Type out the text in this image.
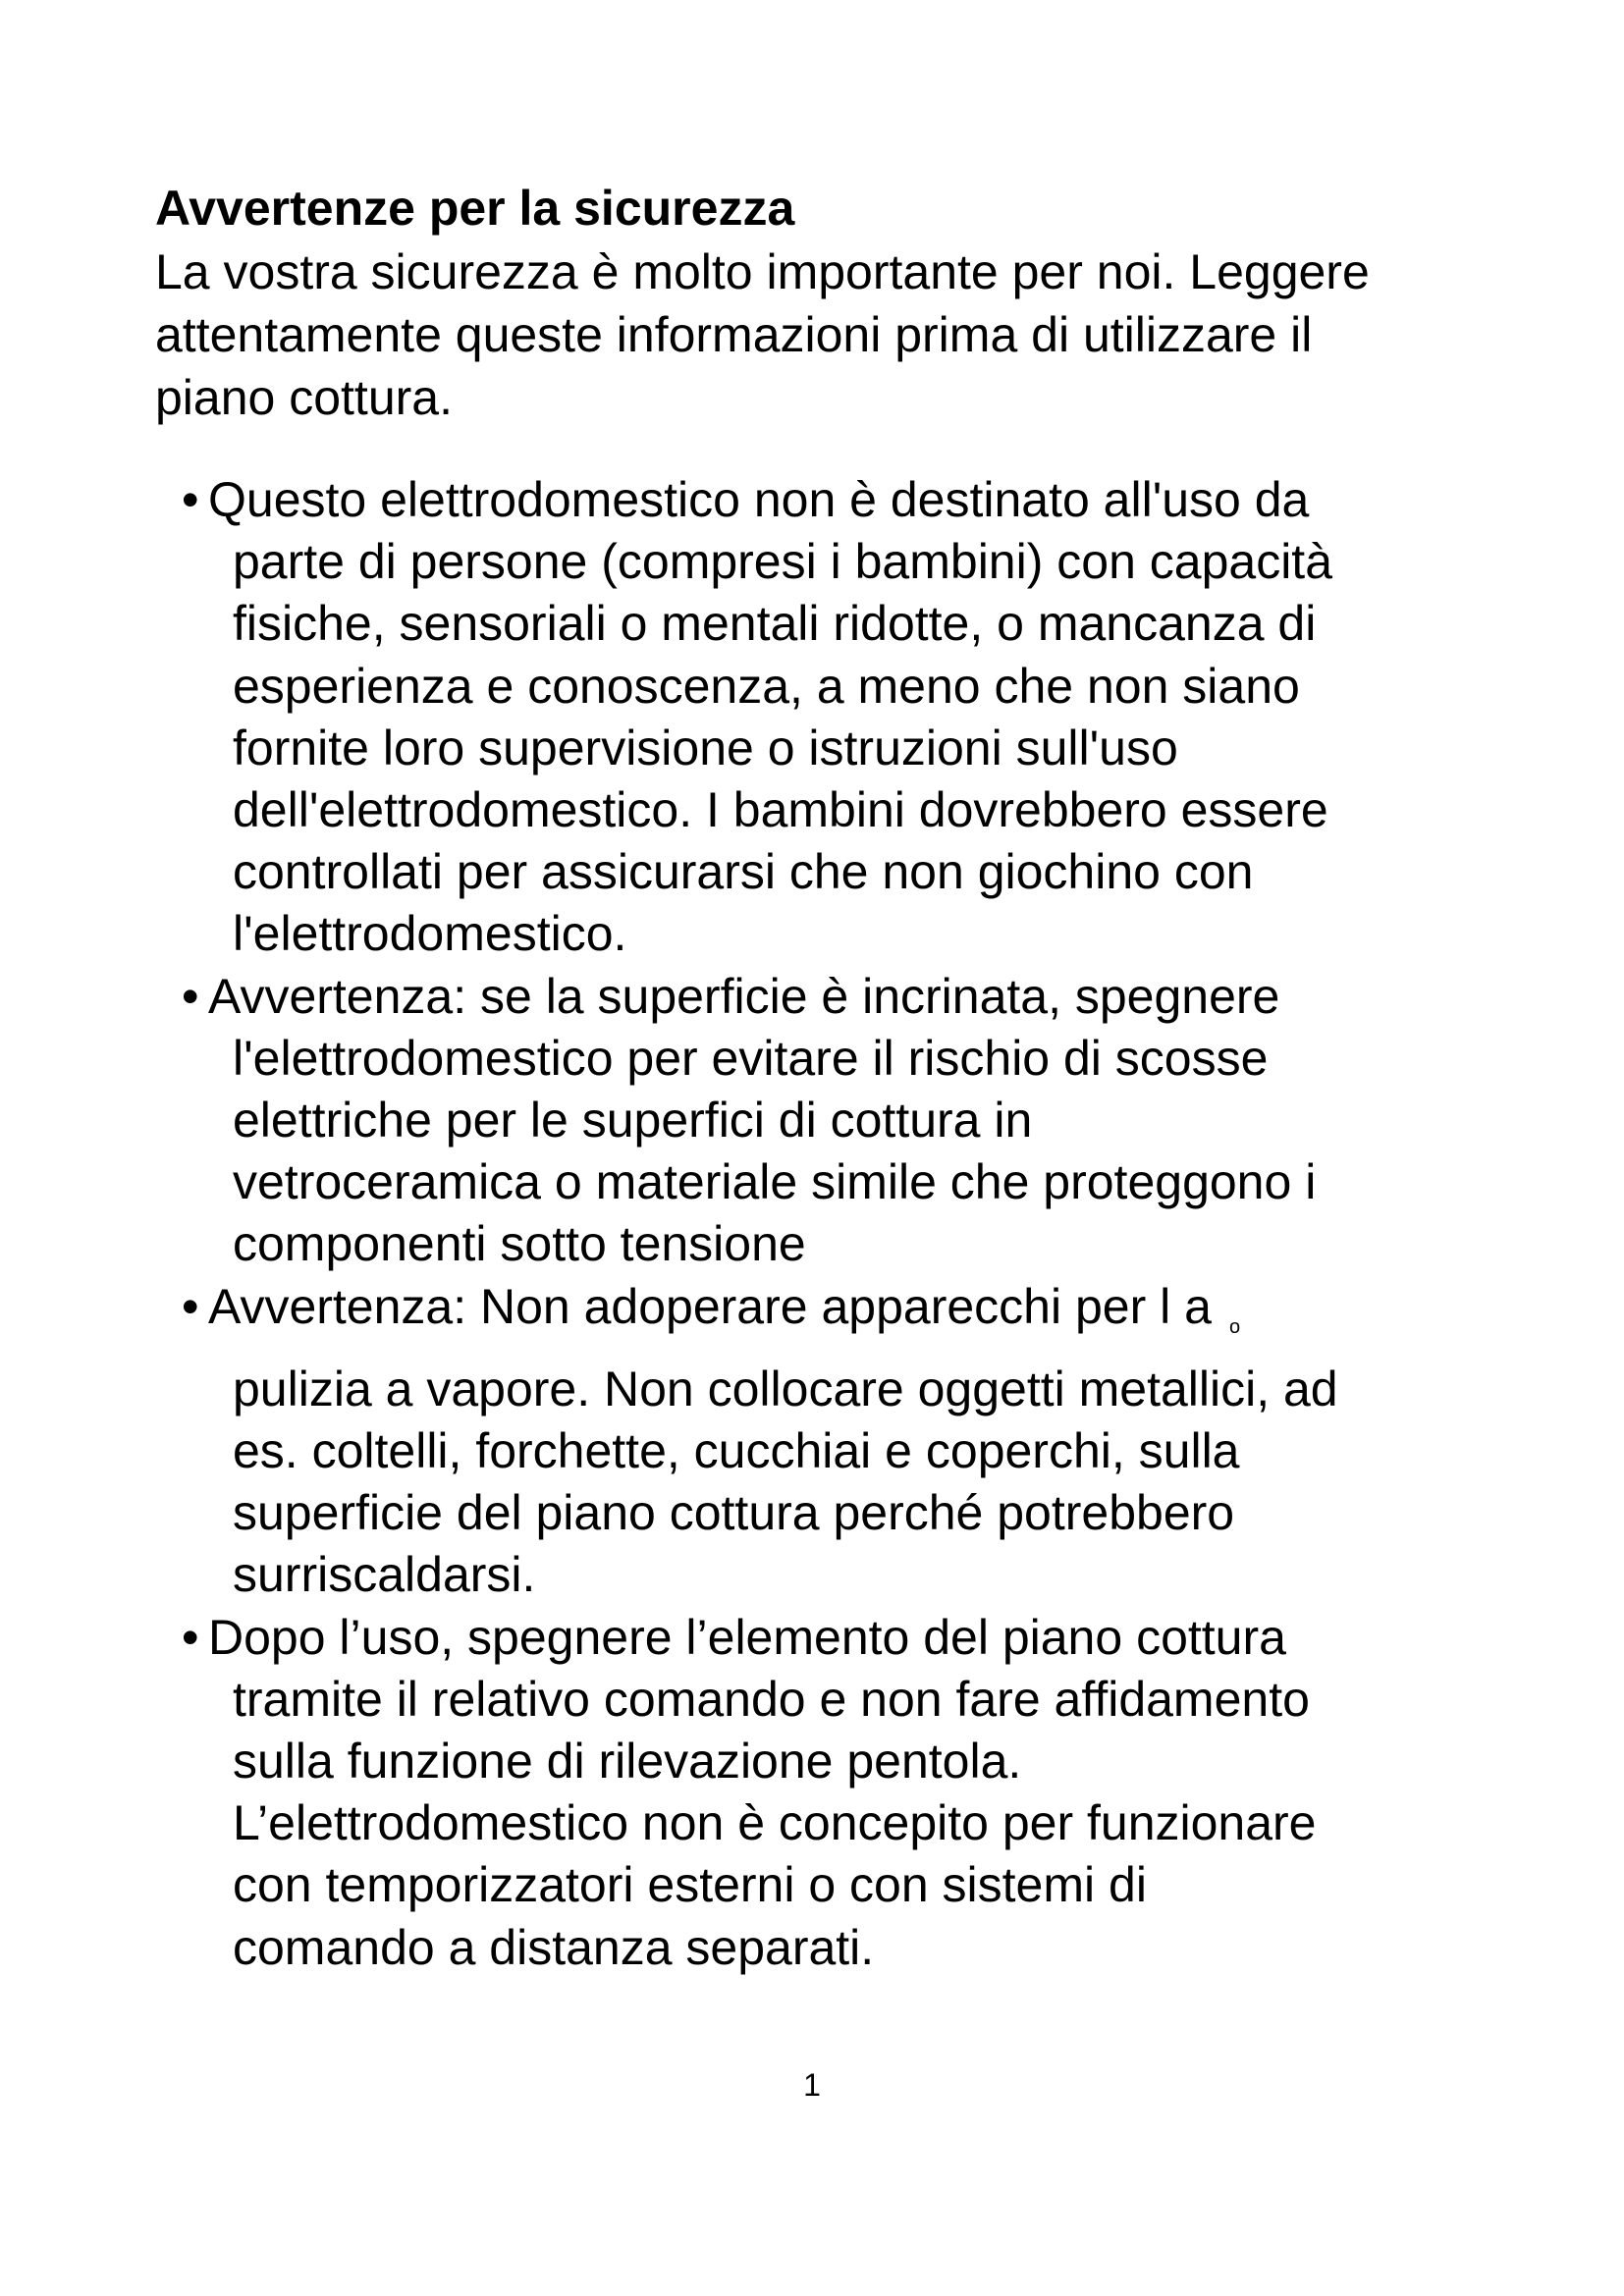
Avvertenze per la sicurezza

La vostra sicurezza è molto importante per noi. Leggere
attentamente queste informazioni prima di utilizzare il
piano cottura.

• Questo elettrodomestico non è destinato all'uso da
parte di persone (compresi i bambini) con capacità
fisiche, sensoriali o mentali ridotte, o mancanza di
esperienza e conoscenza, a meno che non siano
fornite loro supervisione o istruzioni sull'uso
dell'elettrodomestico. I bambini dovrebbero essere
controllati per assicurarsi che non giochino con
l'elettrodomestico.
• Avvertenza: se la superficie è incrinata, spegnere
l'elettrodomestico per evitare il rischio di scosse
elettriche per le superfici di cottura in
vetroceramica o materiale simile che proteggono i
componenti sotto tensione
• Avvertenza: Non adoperare apparecchi per l a o
pulizia a vapore. Non collocare oggetti metallici, ad
es. coltelli, forchette, cucchiai e coperchi, sulla
superficie del piano cottura perché potrebbero
surriscaldarsi.
• Dopo l’uso, spegnere l’elemento del piano cottura
tramite il relativo comando e non fare affidamento
sulla funzione di rilevazione pentola.
L’elettrodomestico non è concepito per funzionare
con temporizzatori esterni o con sistemi di
comando a distanza separati.

1
